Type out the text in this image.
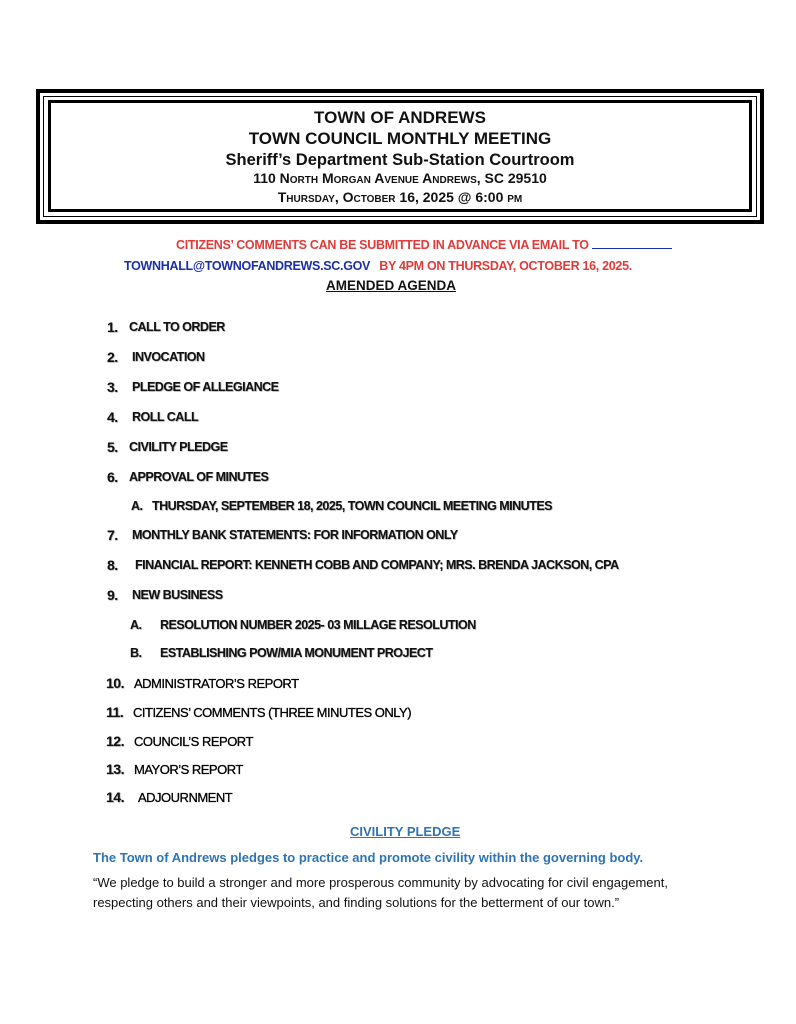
TOWN OF ANDREWS
TOWN COUNCIL MONTHLY MEETING
Sheriff’s Department Sub-Station Courtroom
110 North Morgan Avenue Andrews, SC 29510
Thursday, October 16, 2025 @ 6:00 pm
CITIZENS’ COMMENTS CAN BE SUBMITTED IN ADVANCE VIA EMAIL TO
TOWNHALL@TOWNOFANDREWS.SC.GOV BY 4PM ON THURSDAY, OCTOBER 16, 2025.
AMENDED AGENDA
1. CALL TO ORDER
2. INVOCATION
3. PLEDGE OF ALLEGIANCE
4. ROLL CALL
5. CIVILITY PLEDGE
6. APPROVAL OF MINUTES
A. THURSDAY, SEPTEMBER 18, 2025, TOWN COUNCIL MEETING MINUTES
7. MONTHLY BANK STATEMENTS: FOR INFORMATION ONLY
8. FINANCIAL REPORT: KENNETH COBB AND COMPANY; MRS. BRENDA JACKSON, CPA
9. NEW BUSINESS
A. RESOLUTION NUMBER 2025- 03 MILLAGE RESOLUTION
B. ESTABLISHING POW/MIA MONUMENT PROJECT
10. ADMINISTRATOR’S REPORT
11. CITIZENS’ COMMENTS (THREE MINUTES ONLY)
12. COUNCIL’S REPORT
13. MAYOR’S REPORT
14. ADJOURNMENT
CIVILITY PLEDGE
The Town of Andrews pledges to practice and promote civility within the governing body.
“We pledge to build a stronger and more prosperous community by advocating for civil engagement,
respecting others and their viewpoints, and finding solutions for the betterment of our town.”
